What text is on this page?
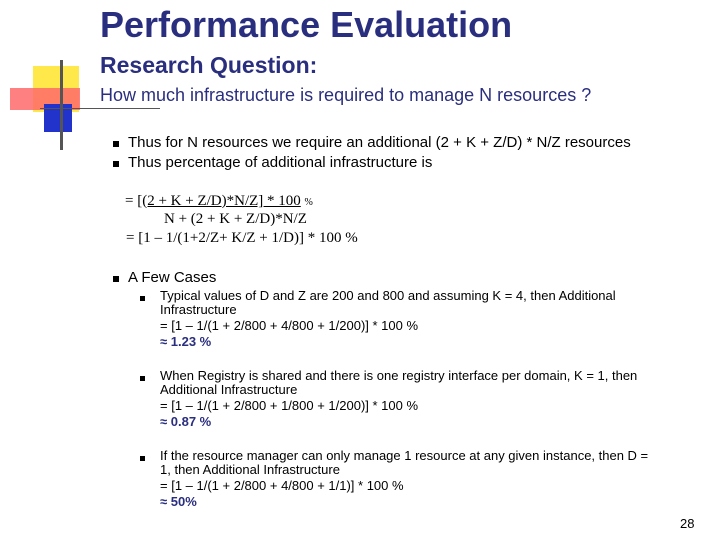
Performance Evaluation
Research Question:
How much infrastructure is required to manage N resources ?
Thus for N resources we require an additional (2 + K + Z/D) * N/Z resources
Thus percentage of additional infrastructure is
= [(2 + K + Z/D)*N/Z] * 100 %
N + (2 + K + Z/D)*N/Z
= [1 – 1/(1+2/Z+ K/Z + 1/D)] * 100 %
A Few Cases
Typical values of D and Z are 200 and 800 and assuming K = 4, then Additional
Infrastructure
= [1 – 1/(1 + 2/800 + 4/800 + 1/200)] * 100 %
≈ 1.23 %
When Registry is shared and there is one registry interface per domain, K = 1, then
Additional Infrastructure
= [1 – 1/(1 + 2/800 + 1/800 + 1/200)] * 100 %
≈ 0.87 %
If the resource manager can only manage 1 resource at any given instance, then D =
1, then Additional Infrastructure
= [1 – 1/(1 + 2/800 + 4/800 + 1/1)] * 100 %
≈ 50%
28
